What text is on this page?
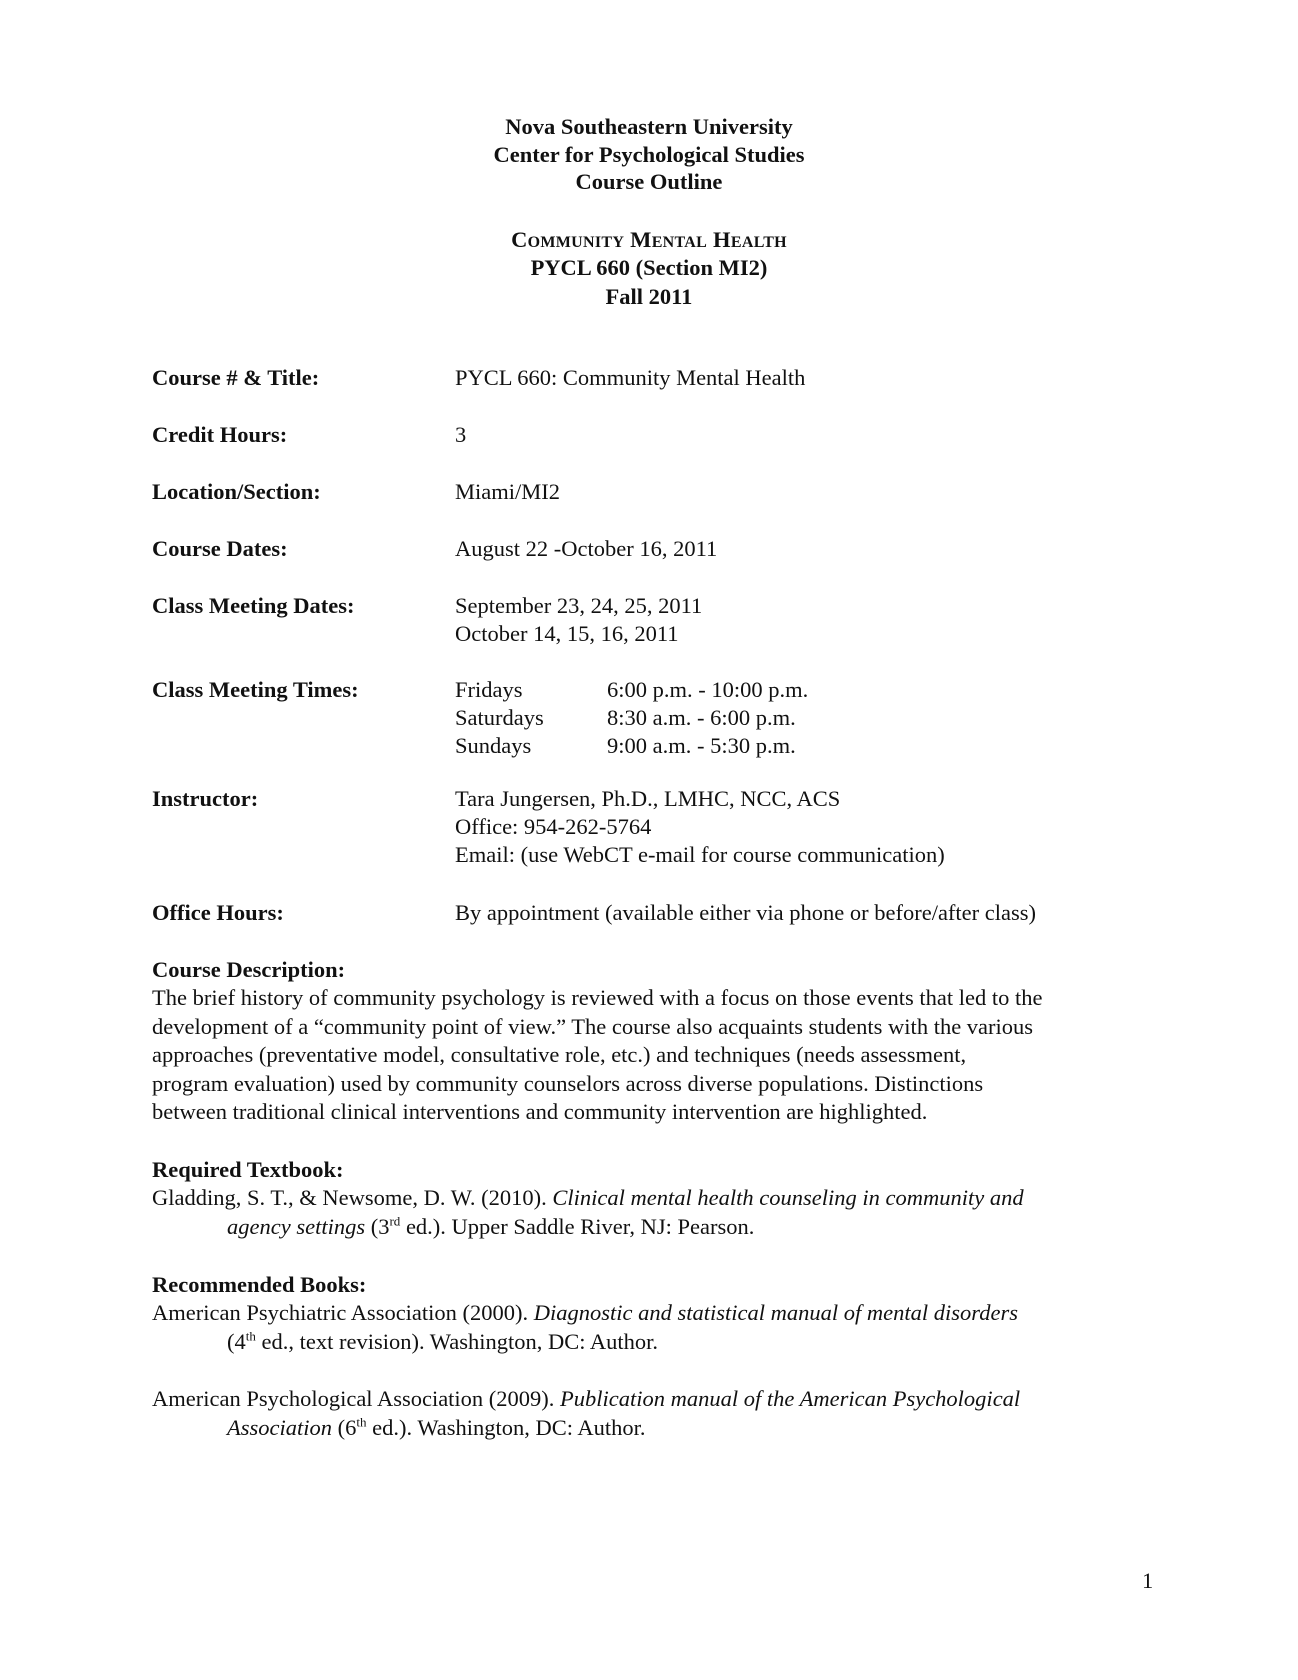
Nova Southeastern University
Center for Psychological Studies
Course Outline
Community Mental Health
PYCL 660 (Section MI2)
Fall 2011
Course # & Title:	PYCL 660: Community Mental Health
Credit Hours:	3
Location/Section:	Miami/MI2
Course Dates:	August 22 -October 16, 2011
Class Meeting Dates:	September 23, 24, 25, 2011
October 14, 15, 16, 2011
Class Meeting Times:	Fridays	6:00 p.m. - 10:00 p.m.
Saturdays	8:30 a.m. - 6:00 p.m.
Sundays	9:00 a.m. - 5:30 p.m.
Instructor:	Tara Jungersen, Ph.D., LMHC, NCC, ACS
Office: 954-262-5764
Email: (use WebCT e-mail for course communication)
Office Hours:	By appointment (available either via phone or before/after class)
Course Description:
The brief history of community psychology is reviewed with a focus on those events that led to the
development of a “community point of view.” The course also acquaints students with the various
approaches (preventative model, consultative role, etc.) and techniques (needs assessment,
program evaluation) used by community counselors across diverse populations. Distinctions
between traditional clinical interventions and community intervention are highlighted.
Required Textbook:
Gladding, S. T., & Newsome, D. W. (2010). Clinical mental health counseling in community and
agency settings (3rd ed.). Upper Saddle River, NJ: Pearson.
Recommended Books:
American Psychiatric Association (2000). Diagnostic and statistical manual of mental disorders
(4th ed., text revision). Washington, DC: Author.
American Psychological Association (2009). Publication manual of the American Psychological
Association (6th ed.). Washington, DC: Author.
1
